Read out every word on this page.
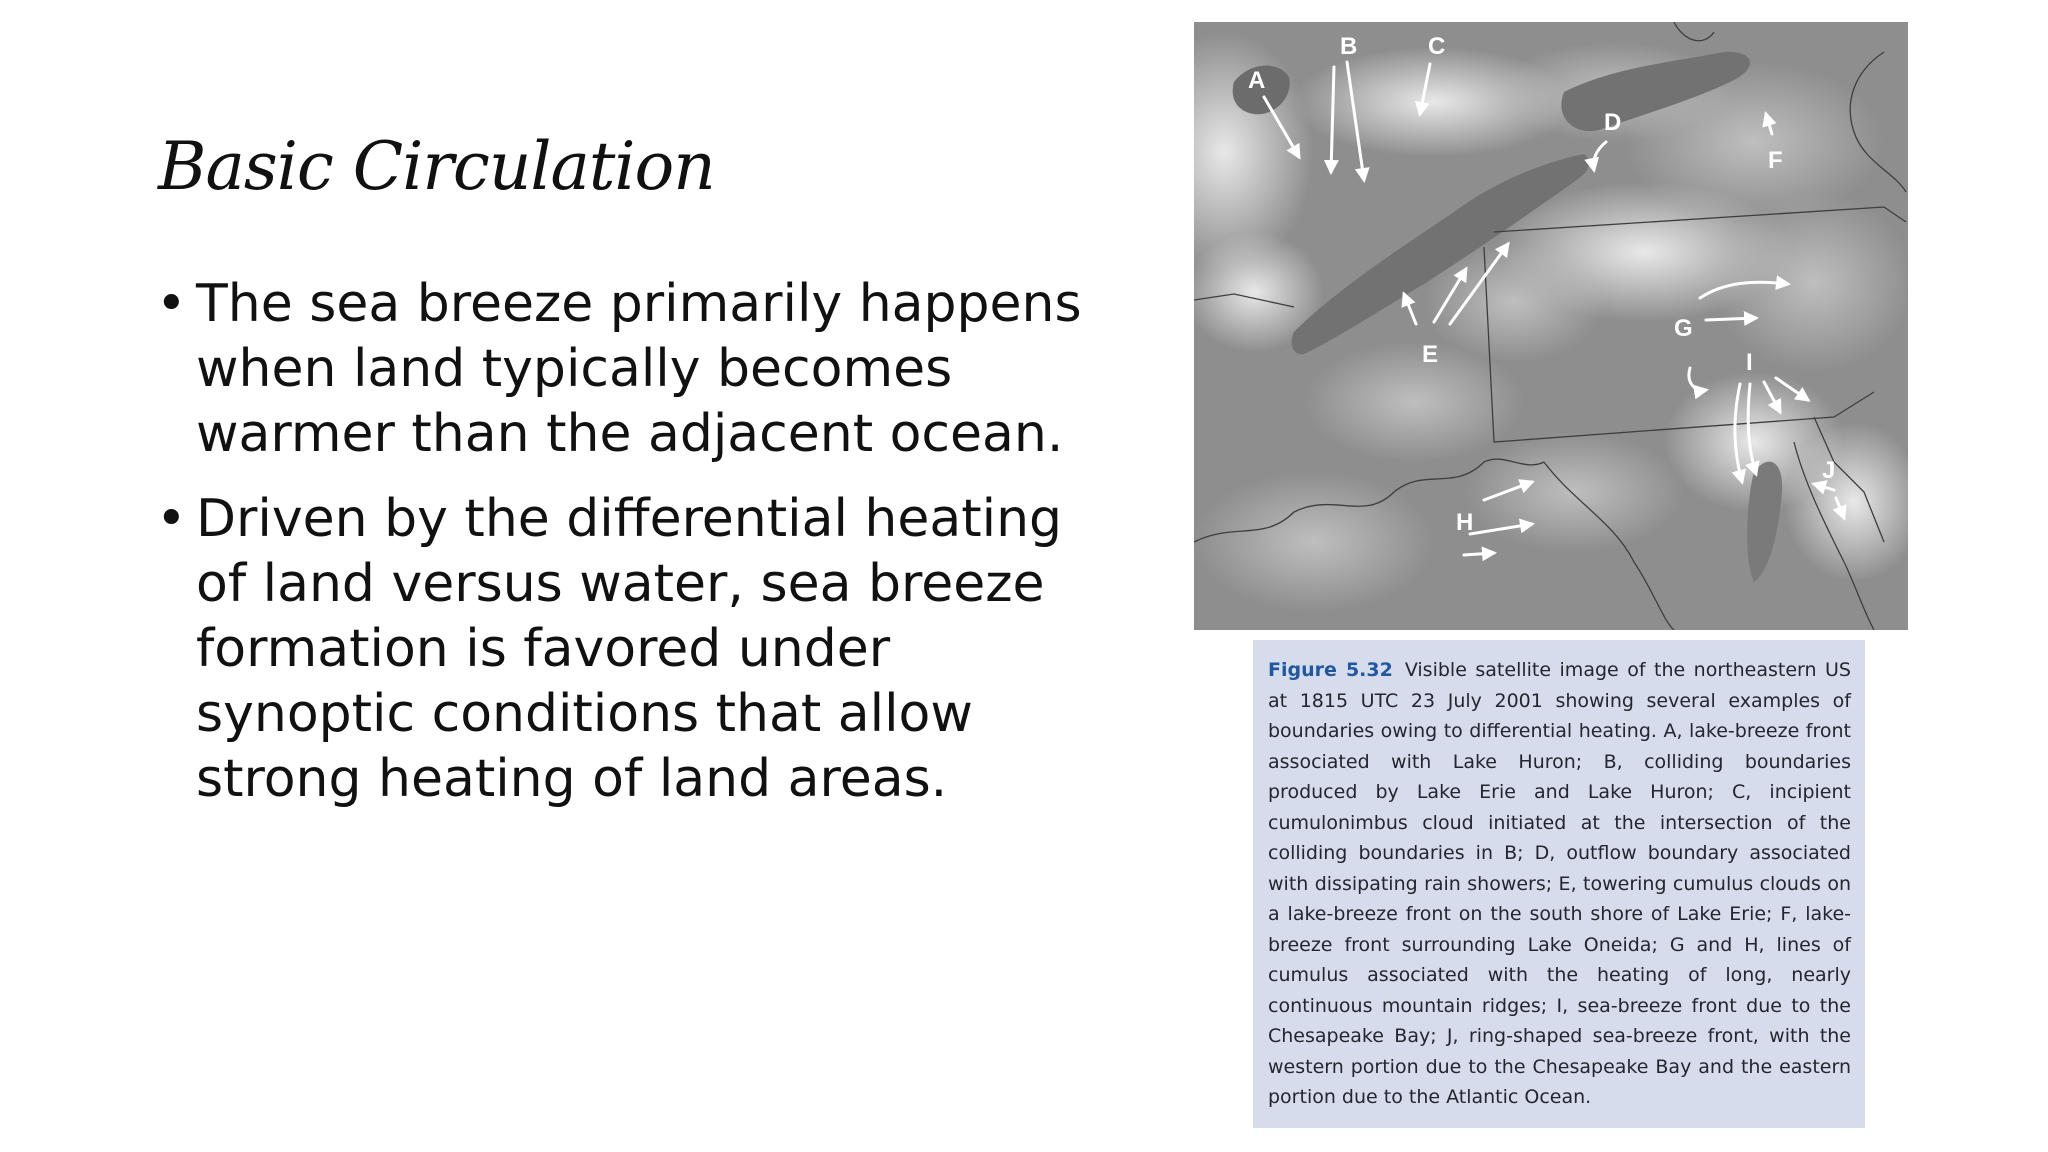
Basic Circulation
• The sea breeze primarily happens when land typically becomes warmer than the adjacent ocean.
• Driven by the differential heating of land versus water, sea breeze formation is favored under synoptic conditions that allow strong heating of land areas.
A
B	C
D
E
F
G
H
I
J
Figure 5.32 Visible satellite image of the northeastern US at 1815 UTC 23 July 2001 showing several examples of boundaries owing to differential heating. A, lake-breeze front associated with Lake Huron; B, colliding boundaries produced by Lake Erie and Lake Huron; C, incipient cumulonimbus cloud initiated at the intersection of the colliding boundaries in B; D, outflow boundary associated with dissipating rain showers; E, towering cumulus clouds on a lake-breeze front on the south shore of Lake Erie; F, lake-breeze front surrounding Lake Oneida; G and H, lines of cumulus associated with the heating of long, nearly continuous mountain ridges; I, sea-breeze front due to the Chesapeake Bay; J, ring-shaped sea-breeze front, with the western portion due to the Chesapeake Bay and the eastern portion due to the Atlantic Ocean.
